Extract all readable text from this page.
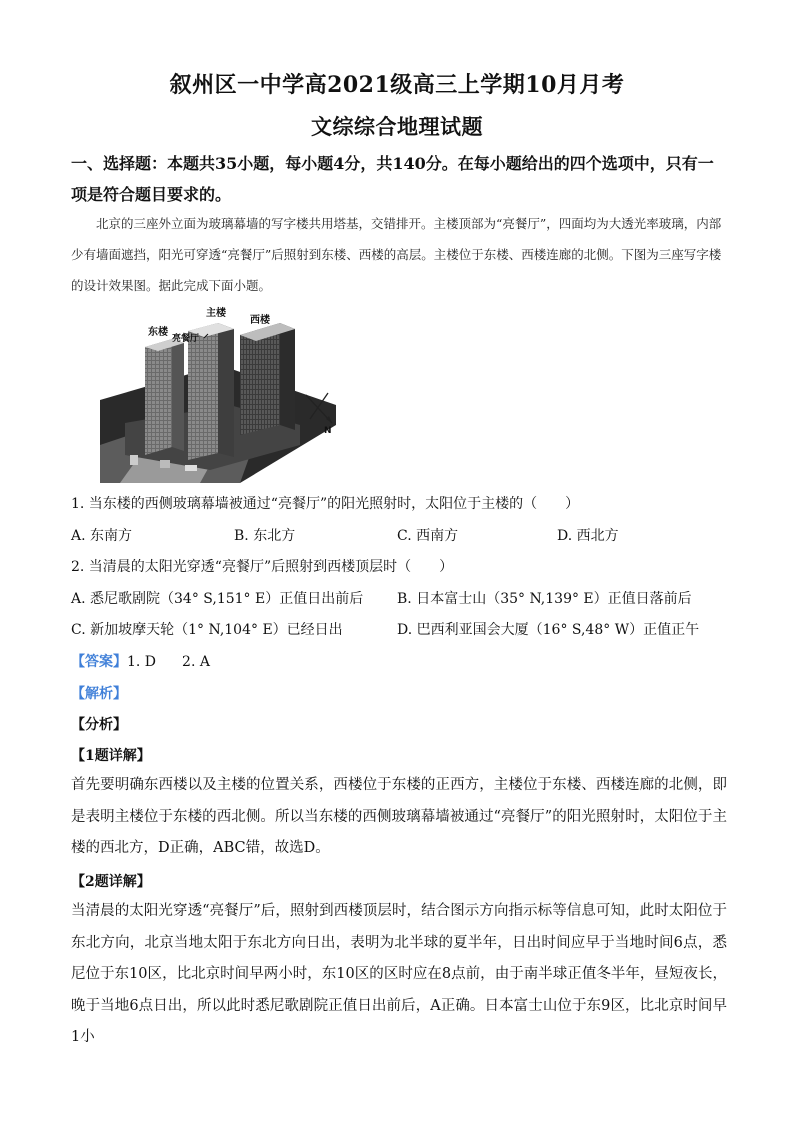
叙州区一中学高2021级高三上学期10月月考
文综综合地理试题

一、选择题：本题共35小题，每小题4分，共140分。在每小题给出的四个选项中，只有一项是符合题目要求的。

北京的三座外立面为玻璃幕墙的写字楼共用塔基，交错排开。主楼顶部为“亮餐厅”，四面均为大透光率玻璃，内部少有墙面遮挡，阳光可穿透“亮餐厅”后照射到东楼、西楼的高层。主楼位于东楼、西楼连廊的北侧。下图为三座写字楼的设计效果图。据此完成下面小题。

东楼
主楼
西楼
亮餐厅
N

1. 当东楼的西侧玻璃幕墙被通过“亮餐厅”的阳光照射时，太阳位于主楼的（　　）

A. 东南方	B. 东北方	C. 西南方	D. 西北方

2. 当清晨的太阳光穿透“亮餐厅”后照射到西楼顶层时（　　）

A. 悉尼歌剧院（34° S,151° E）正值日出前后 B. 日本富士山（35° N,139° E）正值日落前后
C. 新加坡摩天轮（1° N,104° E）已经日出	D. 巴西利亚国会大厦（16° S,48° W）正值正午
【答案】1. D 2. A
【解析】
【分析】
【1题详解】

首先要明确东西楼以及主楼的位置关系，西楼位于东楼的正西方，主楼位于东楼、西楼连廊的北侧，即是表明主楼位于东楼的西北侧。所以当东楼的西侧玻璃幕墙被通过“亮餐厅”的阳光照射时，太阳位于主楼的西北方，D正确，ABC错，故选D。

【2题详解】

当清晨的太阳光穿透“亮餐厅”后，照射到西楼顶层时，结合图示方向指示标等信息可知，此时太阳位于东北方向，北京当地太阳于东北方向日出，表明为北半球的夏半年，日出时间应早于当地时间6点，悉尼位于东10区，比北京时间早两小时，东10区的区时应在8点前，由于南半球正值冬半年，昼短夜长，晚于当地6点日出，所以此时悉尼歌剧院正值日出前后，A正确。日本富士山位于东9区，比北京时间早1小
